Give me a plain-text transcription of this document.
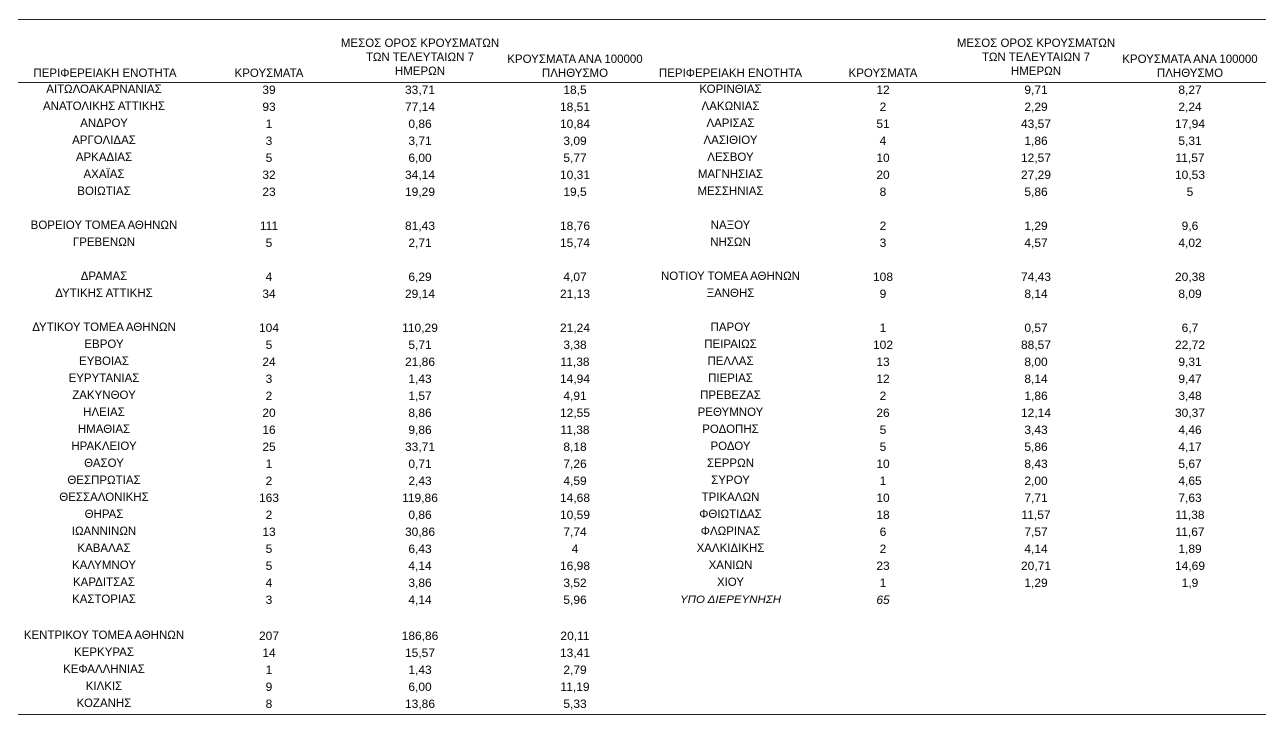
ΠΕΡΙΦΕΡΕΙΑΚΗ ΕΝΟΤΗΤΑ	ΚΡΟΥΣΜΑΤΑ
ΜΕΣΟΣ ΟΡΟΣ ΚΡΟΥΣΜΑΤΩΝ
ΤΩΝ ΤΕΛΕΥΤΑΙΩΝ 7
ΗΜΕΡΩΝ
ΚΡΟΥΣΜΑΤΑ ΑΝΑ 100000
ΠΛΗΘΥΣΜΟ	ΠΕΡΙΦΕΡΕΙΑΚΗ ΕΝΟΤΗΤΑ	ΚΡΟΥΣΜΑΤΑ
ΜΕΣΟΣ ΟΡΟΣ ΚΡΟΥΣΜΑΤΩΝ
ΤΩΝ ΤΕΛΕΥΤΑΙΩΝ 7
ΗΜΕΡΩΝ
ΚΡΟΥΣΜΑΤΑ ΑΝΑ 100000
ΠΛΗΘΥΣΜΟ
ΑΙΤΩΛΟΑΚΑΡΝΑΝΙΑΣ	39	33,71	18,5
ΑΝΑΤΟΛΙΚΗΣ ΑΤΤΙΚΗΣ	93	77,14	18,51
ΑΝΔΡΟΥ	1	0,86	10,84
ΑΡΓΟΛΙΔΑΣ	3	3,71	3,09
ΑΡΚΑΔΙΑΣ	5	6,00	5,77
ΑΧΑΪΑΣ	32	34,14	10,31
ΒΟΙΩΤΙΑΣ	23	19,29	19,5
ΒΟΡΕΙΟΥ ΤΟΜΕΑ ΑΘΗΝΩΝ	111	81,43	18,76
ΓΡΕΒΕΝΩΝ	5	2,71	15,74
ΔΡΑΜΑΣ	4	6,29	4,07
ΔΥΤΙΚΗΣ ΑΤΤΙΚΗΣ	34	29,14	21,13
ΔΥΤΙΚΟΥ ΤΟΜΕΑ ΑΘΗΝΩΝ	104	110,29	21,24
ΕΒΡΟΥ	5	5,71	3,38
ΕΥΒΟΙΑΣ	24	21,86	11,38
ΕΥΡΥΤΑΝΙΑΣ	3	1,43	14,94
ΖΑΚΥΝΘΟΥ	2	1,57	4,91
ΗΛΕΙΑΣ	20	8,86	12,55
ΗΜΑΘΙΑΣ	16	9,86	11,38
ΗΡΑΚΛΕΙΟΥ	25	33,71	8,18
ΘΑΣΟΥ	1	0,71	7,26
ΘΕΣΠΡΩΤΙΑΣ	2	2,43	4,59
ΘΕΣΣΑΛΟΝΙΚΗΣ	163	119,86	14,68
ΘΗΡΑΣ	2	0,86	10,59
ΙΩΑΝΝΙΝΩΝ	13	30,86	7,74
ΚΑΒΑΛΑΣ	5	6,43	4
ΚΑΛΥΜΝΟΥ	5	4,14	16,98
ΚΑΡΔΙΤΣΑΣ	4	3,86	3,52
ΚΑΣΤΟΡΙΑΣ	3	4,14	5,96
ΚΕΝΤΡΙΚΟΥ ΤΟΜΕΑ ΑΘΗΝΩΝ	207	186,86	20,11
ΚΕΡΚΥΡΑΣ	14	15,57	13,41
ΚΕΦΑΛΛΗΝΙΑΣ	1	1,43	2,79
ΚΙΛΚΙΣ	9	6,00	11,19
ΚΟΖΑΝΗΣ	8	13,86	5,33
ΚΟΡΙΝΘΙΑΣ	12	9,71	8,27
ΛΑΚΩΝΙΑΣ	2	2,29	2,24
ΛΑΡΙΣΑΣ	51	43,57	17,94
ΛΑΣΙΘΙΟΥ	4	1,86	5,31
ΛΕΣΒΟΥ	10	12,57	11,57
ΜΑΓΝΗΣΙΑΣ	20	27,29	10,53
ΜΕΣΣΗΝΙΑΣ	8	5,86	5
ΝΑΞΟΥ	2	1,29	9,6
ΝΗΣΩΝ	3	4,57	4,02
ΝΟΤΙΟΥ ΤΟΜΕΑ ΑΘΗΝΩΝ	108	74,43	20,38
ΞΑΝΘΗΣ	9	8,14	8,09
ΠΑΡΟΥ	1	0,57	6,7
ΠΕΙΡΑΙΩΣ	102	88,57	22,72
ΠΕΛΛΑΣ	13	8,00	9,31
ΠΙΕΡΙΑΣ	12	8,14	9,47
ΠΡΕΒΕΖΑΣ	2	1,86	3,48
ΡΕΘΥΜΝΟΥ	26	12,14	30,37
ΡΟΔΟΠΗΣ	5	3,43	4,46
ΡΟΔΟΥ	5	5,86	4,17
ΣΕΡΡΩΝ	10	8,43	5,67
ΣΥΡΟΥ	1	2,00	4,65
ΤΡΙΚΑΛΩΝ	10	7,71	7,63
ΦΘΙΩΤΙΔΑΣ	18	11,57	11,38
ΦΛΩΡΙΝΑΣ	6	7,57	11,67
ΧΑΛΚΙΔΙΚΗΣ	2	4,14	1,89
ΧΑΝΙΩΝ	23	20,71	14,69
ΧΙΟΥ	1	1,29	1,9
ΥΠΟ ΔΙΕΡΕΥΝΗΣΗ	65
